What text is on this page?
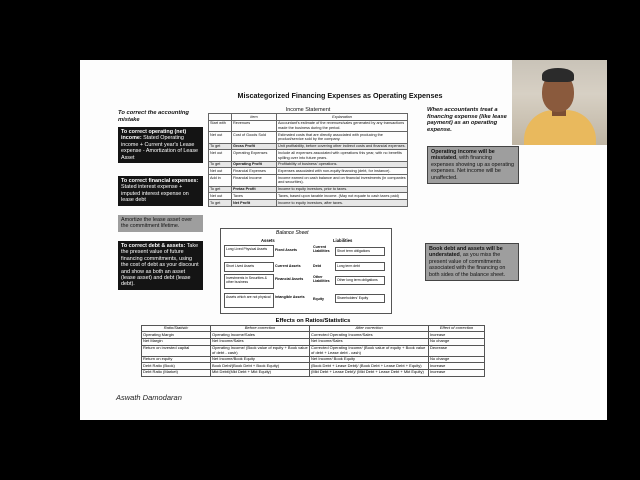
Miscategorized Financing Expenses as Operating Expenses
To correct the accounting mistake
To correct operating (net) income: Stated Operating income + Current year's Lease expense - Amortization of Lease Asset
To correct financial expenses: Stated interest expense + imputed interest expense on lease debt
Amortize the lease asset over the commitment lifetime.
To correct debt & assets: Take the present value of future financing commitments, using the cost of debt as your discount and show as both an asset (lease asset) and debt (lease debt).
Income Statement
	Item	Explanation
Start with	Revenues	Accountant's estimate of the revenues/sales generated by any transactions made the business during the period.
Net out	Cost of Goods Sold	Estimated costs that are directly associated with producing the product/service sold by the company.
To get	Gross Profit	Unit profitability, before covering other indirect costs and financial expenses.
Net out	Operating Expenses	Include all expenses associated with operations this year, with no benefits spilling over into future years.
To get	Operating Profit	Profitability of business' operations.
Net out	Financial Expenses	Expenses associated with non-equity financing (debt, for instance).
Add in	Financial Income	Income earned on cash balance and on financial investments (in companies and securities).
To get	Pretax Profit	Income to equity investors, prior to taxes.
Net out	Taxes	Taxes, based upon taxable income. (May not equate to cash taxes paid)
To get	Net Profit	Income to equity investors, after taxes.
Balance Sheet
Assets	Liabilities
Long Lived Physical Assets
Short Lived Assets
Investments in Securities & other business
Assets which are not physical
Fixed Assets
Current Assets
Financial Assets
Intangible Assets
Current Liabilities
Debt
Other Liabilities
Equity
Short term obligations
Long term debt
Other long term obligations
Shareholders' Equity
When accountants treat a financing expense (like lease payment) as an operating expense.
Operating income will be misstated, with financing expenses showing up as operating expenses. Net income will be unaffected.
Book debt and assets will be understated, as you miss the present value of commitments associated with the financing on both sides of the balance sheet.
Effects on Ratios/Statistics
Ratio/Statistic	Before correction	After correction	Effect of correction
Operating Margin	Operating Income/Sales	Corrected Operating Income/Sales	Increase
Net Margin	Net Income/Sales	Net Income/Sales	No change
Return on invested capital	Operating Income/ (Book value of equity + Book value of debt - cash)	Corrected Operating Income/ (Book value of equity + Book value of debt + Lease debt - cash)	Decrease
Return on equity	Net Income/Book Equity	Net Income/ Book Equity	No change
Debt Ratio (Book)	Book Debt/(Book Debt + Book Equity)	(Book Debt + Lease Debt)/ (Book Debt + Lease Debt + Equity)	Increase
Debt Ratio (Market)	Mkt Debt/(Mkt Debt + Mkt Equity)	(Mkt Debt + Lease Debt)/ (Mkt Debt + Lease Debt + Mkt Equity)	Increase
Aswath Damodaran
